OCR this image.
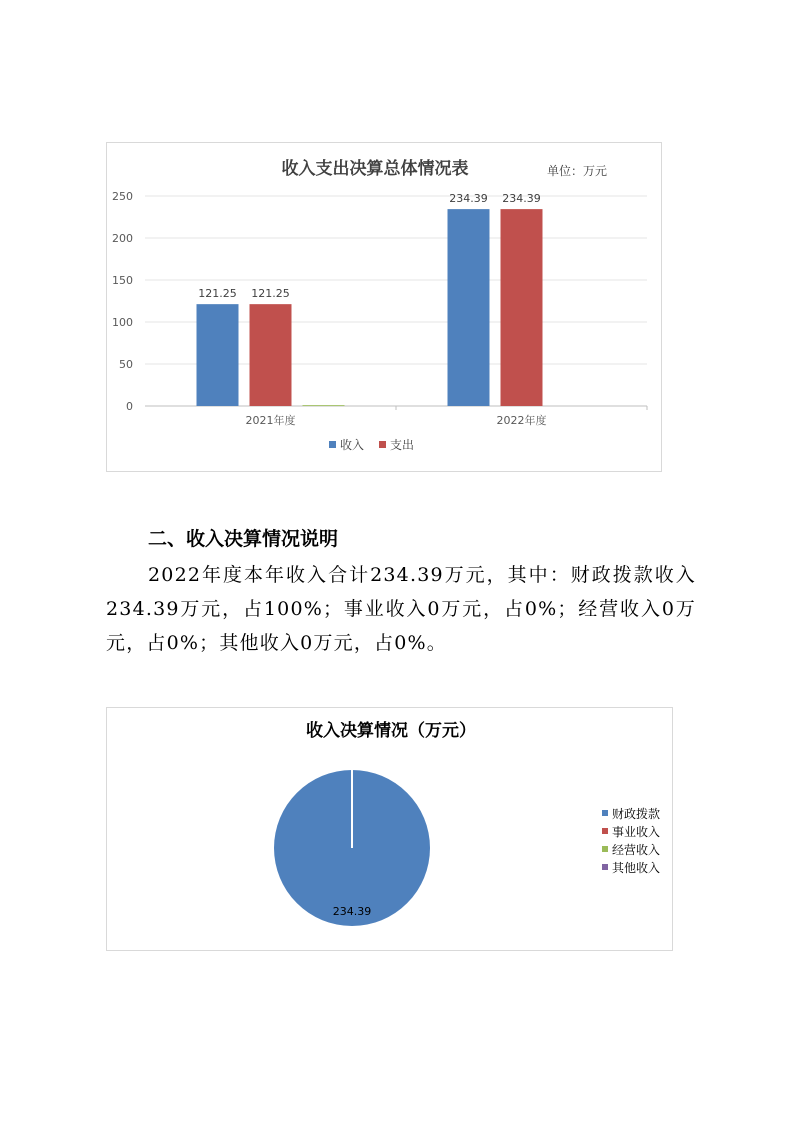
收入支出决算总体情况表	单位：万元
0
50
100
150
200
250
121.25 121.25
234.39 234.39
2021年度	2022年度
收入 支出
二、收入决算情况说明
2022年度本年收入合计234.39万元，其中：财政拨款收入234.39万元，占100%；事业收入0万元，占0%；经营收入0万元，占0%；其他收入0万元，占0%。
收入决算情况（万元）
234.39
财政拨款
事业收入
经营收入
其他收入
